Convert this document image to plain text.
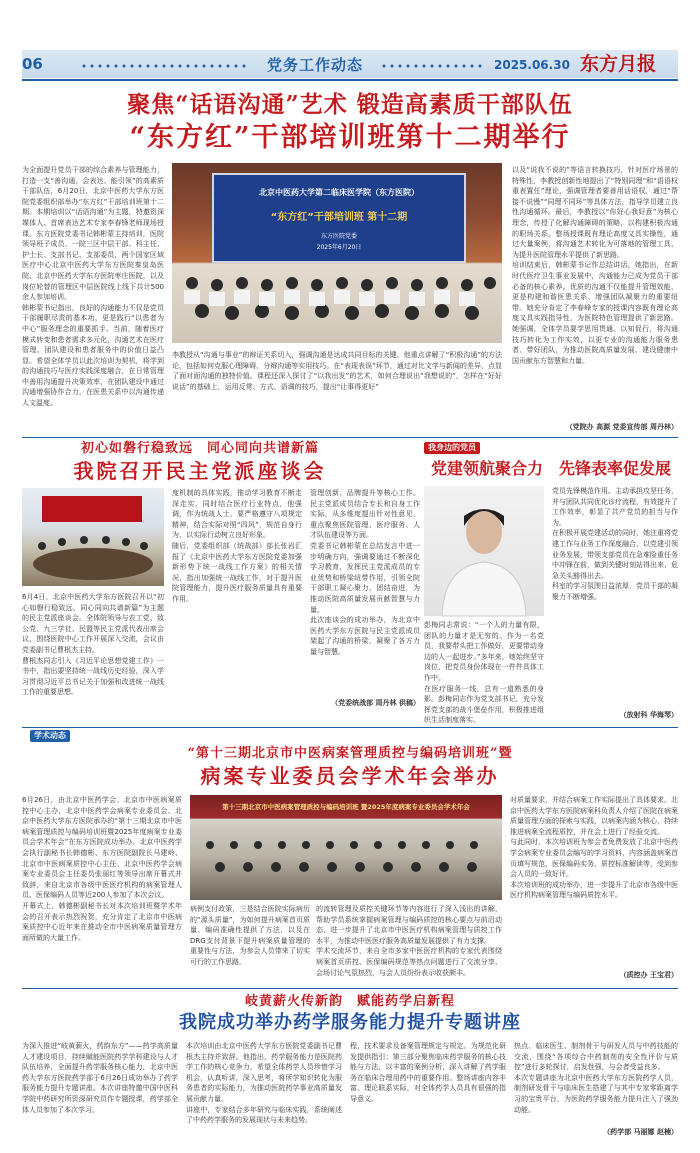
06	党务工作动态	2025.06.30 东方月报
聚焦“话语沟通”艺术 锻造高素质干部队伍
“东方红”干部培训班第十二期举行
为全面提升党员干部的综合素养与管理能力，打造一支“善沟通、会表达、能引领”的高素质干部队伍，6月20日，北京中医药大学东方医院党委组织部举办“东方红”干部培训班第十二期。本期培训以“话语沟通”为主题，特邀资深媒体人、首席表达艺术专家李春锋老师现场授课。东方医院党委书记韩彬蒙主持培训，医院领导班子成员、一院三区中层干部、科主任、护士长、支部书记、支部委员，两个国家区域医疗中心北京中医药大学东方医院秦皇岛医院、北京中医药大学东方医院枣庄医院，以及岗位轮替的管理区中层医院线上线下共计500余人参加培训。
韩彬蒙书记指出，良好的沟通能力不仅是党员干部履职尽责的基本功，更是践行“以患者为中心”服务理念的重要抓手。当前，随着医疗模式转变和患者需求多元化，沟通艺术在医疗管理、团队建设和患者服务中的价值日益凸显。希望全体学员以此次培训为契机，将学到的沟通技巧与医疗实践深度融合，在日常管理中善用沟通提升决策效率，在团队建设中通过沟通增强协作合力，在医患关系中以沟通传递人文温度。
北京中医药大学第二临床医学院（东方医院）
“东方红”干部培训班 第十二期
东方医院党委
2025年6月20日
李教授从“沟通与事业”的辩证关系切入，强调沟通是达成共同目标的关键。他重点讲解了“积极沟通”的方法论，包括如何克服心理障碍、分辩沟通等实用技巧。在“表现表误”环节，通过对比文学与新闻的差异，点显了面对面沟通的独特价值。课程还深入探讨了“以我出发”的艺术，如何合理说出“我想说的”，怎样在“好好说话”的基础上，运用反常、方式、语调的技巧，提出“让事得更好”
以及“说我不说的”等语言转换技巧，针对医疗场景的特殊性，李教授创新性地提出了“特别同理”和“语语权重表置任”理论，强调管理者要善用话语权，通过“帮接不说慢”“同理不同环”等具体方法，指导学员建立良性沟通循环。最后，李教授以“你好心我好意”为核心理念，传授了化解沟通障碍的策略，以构建积极沟通的职场关系。整场授课既有理论高度又具实操性，通过大量案例，将沟通艺术转化为可落地的管理工具，为提升医院管理水平提供了新思路。
培训结束后，韩彬蒙书记作总结讲话。她指出，在新时代医疗卫生事业发展中，沟通能力已成为党员干部必备的核心素养。优质的沟通不仅能提升管理效能，更是构建和谐医患关系、增强团队凝聚力的重要纽带。她充分肯定了李春峰专家的授课内容既有理论高度又具实践指导性，为医院特色管理提供了新思路。她强调，全体学员要学思用贯通、以知促行，将沟通技巧转化为工作实效，以更专业的沟通能力服务患者、带好团队，为推动医院高质量发展、建设健康中国贡献东方智慧和力量。
（党院办 高源 党委宣传部 周丹林）
初心如磐行稳致远　同心同向共谱新篇
我院召开民主党派座谈会
6月4日，北京中医药大学东方医院召开以“初心如磐行稳致远，同心同向共谱新篇”为主题的民主党派座谈会。全体院领导与农工党、致公党、九三学社、民盟等民主党派代表出席会议，围绕医院中心工作开展深入交流，会议由党委副书记曹根杰主持。
曹根杰同志引入《习近平论思想党建工作》一书中，指出要坚持统一战线历史经验，深入学习贯彻习近平总书记关于加强和改进统一战线工作的重要思想。
度机制的具体实践，推动学习教育不断走深走实，同时结合医疗行业特点，他强调，作为统战人士，要严格遵守八项规定精神，结合实际对照“四风”，规范自身行为，以实际行动树立良好形象。
随后，党委组织部（统战部）部长张岩汇报了《北京中医药大学东方医院党委加强新形势下统一战线工作方案》的相关情况，指出加强统一战线工作，对于提升医院管理能力，提升医疗服务质量具有重要作用。
管理创新、品牌提升等核心工作。民主党派成员结合专长和自身工作实际，从多维度提出针对性意见，重点聚焦医院管理、医疗服务、人才队伍建设等方面。
党委书记韩彬蒙在总结发言中进一步明确方向，强调要通过不断深化学习教育，发挥民主党派成员的专业优势和桥梁纽带作用，引领全院干部职工凝心聚力、团结奋进，为推动医院高质量发展贡献智慧与力量。
此次座谈会的成功举办，为北京中医药大学东方医院与民主党派成员架起了沟通的桥梁，凝聚了各方力量与智慧。
（党委统战部 周丹林 供稿）
我身边的党员
党建领航聚合力　先锋表率促发展
彭梅同志常说：“一个人的力量有限，团队的力量才是无穷的。作为一名党员，我要带头把工作做好，更要带动身边的人一起进步。”多年来，她始终坚守岗位，把党员身份体现在一件件具体工作中。
在医疗服务一线，总有一道熟悉的身影。彭梅同志作为党支部书记，充分发挥党支部的战斗堡垒作用，积极推进组织生活制度落实。
党员先锋模范作用。主动承担攻坚任务，并与团队共同优化诊疗流程，有效提升了工作效率，彰显了共产党员的担当与作为。
在积极开展党建活动的同时，她注重将党建工作与业务工作深度融合，以党建引领业务发展，带领支部党员在急难险重任务中冲锋在前，做到关键时刻站得出来、危急关头豁得出去。
科室的学习氛围日益浓厚，党员干部的凝聚力不断增强。
（放射科 华海琴）
学术动态
“第十三期北京市中医病案管理质控与编码培训班”暨
病案专业委员会学术年会举办
6月26日，由北京中医药学会、北京市中医病案质控中心主办，北京中医药学会病案专业委员会、北京中医药大学东方医院承办的“第十三期北京市中医病案管理质控与编码培训班暨2025年度病案专业委员会学术年会”在东方医院成功举办。北京中医药学会执行副秘书长韩德彬、东方医院副院长马建岭、北京市中医病案质控中心主任、北京中医药学会病案专业委员会主任委员张丽红等领导出席开幕式并致辞，来自北京市各级中医医疗机构的病案管理人员、医保编码人员等近200人参加了本次会议。
开幕式上，韩德彬副秘书长对本次培训班暨学术年会的召开表示热烈祝贺，充分肯定了北京市中医病案质控中心近年来在推动全市中医病案质量管理方面所做的大量工作。
第十三期北京市中医病案管理质控与编码培训班 暨2025年度病案专业委员会学术年会
病例支付政策，三是结合医院实际病历的“源头质量”，为如何提升病案首页质量、编码准确性提供了方法，以及在DRG支付背景下提升病案质量管理的重要性与方法，为参会人员带来了切实可行的工作思路。
的流转管理及质控关键环节等内容进行了深入浅出的讲解，帮助学员系统掌握病案管理与编码质控的核心要点与前沿动态，进一步提升了北京市中医医疗机构病案管理与质控工作水平，为推动中医医疗服务高质量发展提供了有力支撑。
学术交流环节，来自全市多家中医医疗机构的专家代表围绕病案首页质控、医保编码规范等热点问题进行了交流分享，会场讨论气氛热烈，与会人员纷纷表示收获颇丰。
对质量要求，并结合病案工作实际提出了具体要求。北京中医药大学东方医院病案科负责人介绍了医院在病案质量管理方面的探索与实践，以病案内涵为核心，持续推进病案全流程质控，并在会上进行了经验交流。
与此同时，本次培训班为参会者免费发放了北京中医药学会病案专业委员会编写的学习资料，内容涵盖病案首页填写规范、医保编码实务、质控标准解读等，受到参会人员的一致好评。
本次培训班的成功举办，进一步提升了北京市各级中医医疗机构病案管理与编码质控水平。
（质控办 王宝君）
岐黄薪火传新韵　赋能药学启新程
我院成功举办药学服务能力提升专题讲座
为深入推进“岐黄薪火，药韵东方”——药学高质量人才建设项目，持续赋能医院药学学科建设与人才队伍培养，全面提升药学服务核心能力，北京中医药大学东方医院药学部于6月26日成功举办了药学服务能力提升专题讲座。本次讲座特邀中国中医科学院中药研究所资深研究员作专题授课，药学部全体人员参加了本次学习。
本次培训由北京中医药大学东方医院党委副书记曹根杰主持并致辞。他指出，药学服务能力是医院药学工作的核心竞争力，希望全体药学人员珍惜学习机会，认真听讲，深入思考，将所学知识转化为服务患者的实际能力，为推动医院药学事业高质量发展贡献力量。
讲座中，专家结合多年研究与临床实践，系统阐述了中药药学服务的发展现状与未来趋势。
程，技术要求及备案管理规定与规定。为规范化研发提供指引；第三部分聚焦临床药学服务的核心技能与方法，以丰富的案例分析，深入讲解了药学服务在临床合理用药中的重要作用。整场讲座内容丰富、理论联系实际，对全体药学人员具有很强的指导意义。
热点、临床医生、制剂骨干与研发人员与中药技能的交流，围绕“各项综合中药制剂的安全性评价与质控”进行多轮探讨，启发性强，与会者受益良多。
本次专题讲座为北京中医药大学东方医院药学人员，制剂研发骨干与临床医生搭建了与其中专家零距离学习的宝贵平台，为医院药学服务能力提升注入了强劲动能。
（药学部 马丽娜 赵楠）
